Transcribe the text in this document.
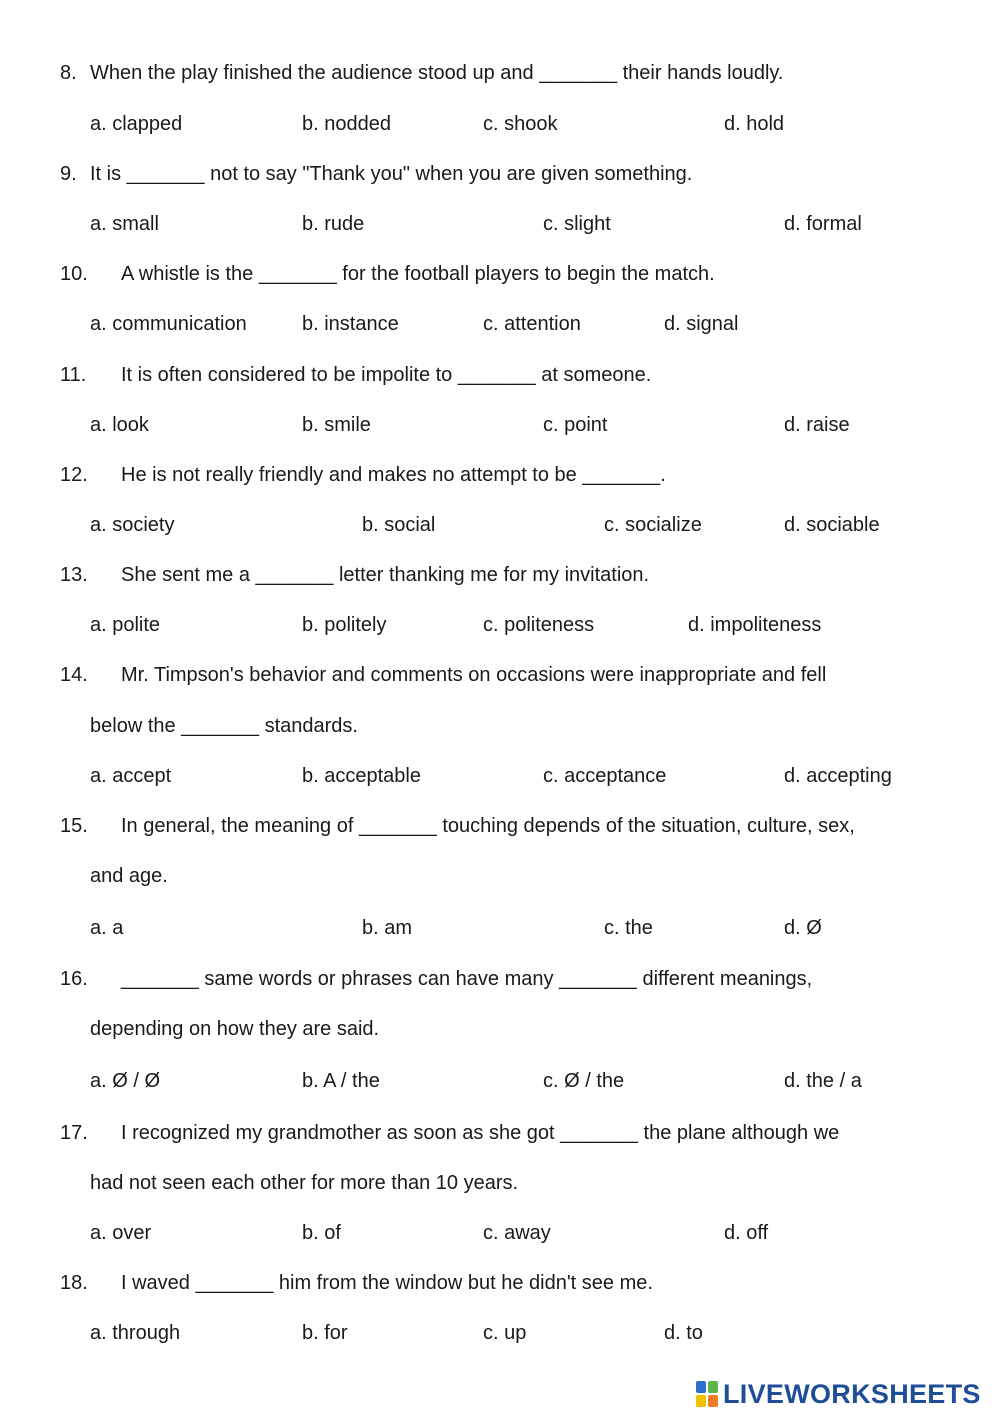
8. When the play finished the audience stood up and _______ their hands loudly.
a. clapped	b. nodded	c. shook	d. hold
9. It is _______ not to say "Thank you" when you are given something.
a. small	b. rude	c. slight	d. formal
10. A whistle is the _______ for the football players to begin the match.
a. communication	b. instance	c. attention	d. signal
11. It is often considered to be impolite to _______ at someone.
a. look	b. smile	c. point	d. raise
12. He is not really friendly and makes no attempt to be _______.
a. society	b. social	c. socialize	d. sociable
13. She sent me a _______ letter thanking me for my invitation.
a. polite	b. politely	c. politeness	d. impoliteness
14. Mr. Timpson's behavior and comments on occasions were inappropriate and fell
below the _______ standards.
a. accept	b. acceptable	c. acceptance	d. accepting
15. In general, the meaning of _______ touching depends of the situation, culture, sex,
and age.
a. a	b. am	c. the	d. Ø
16. _______ same words or phrases can have many _______ different meanings,
depending on how they are said.
a. Ø / Ø	b. A / the	c. Ø / the	d. the / a
17. I recognized my grandmother as soon as she got _______ the plane although we
had not seen each other for more than 10 years.
a. over	b. of	c. away	d. off
18. I waved _______ him from the window but he didn't see me.
a. through	b. for	c. up	d. to
LIVEWORKSHEETS
